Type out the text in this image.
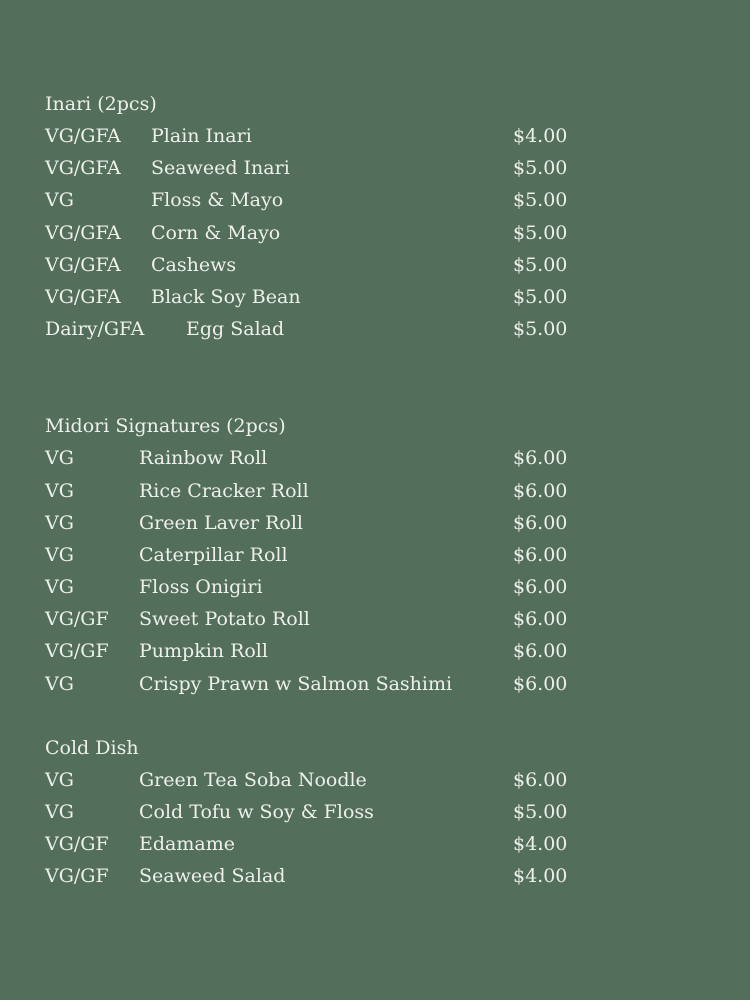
Inari (2pcs)
VG/GFA Plain Inari	$4.00
VG/GFA Seaweed Inari	$5.00
VG	Floss & Mayo	$5.00
VG/GFA Corn & Mayo	$5.00
VG/GFA Cashews	$5.00
VG/GFA Black Soy Bean	$5.00
Dairy/GFA Egg Salad	$5.00
Midori Signatures (2pcs)
VG	Rainbow Roll	$6.00
VG	Rice Cracker Roll	$6.00
VG	Green Laver Roll	$6.00
VG	Caterpillar Roll	$6.00
VG	Floss Onigiri	$6.00
VG/GF Sweet Potato Roll	$6.00
VG/GF Pumpkin Roll	$6.00
VG	Crispy Prawn w Salmon Sashimi	$6.00
Cold Dish
VG	Green Tea Soba Noodle	$6.00
VG	Cold Tofu w Soy & Floss	$5.00
VG/GF Edamame	$4.00
VG/GF Seaweed Salad	$4.00
